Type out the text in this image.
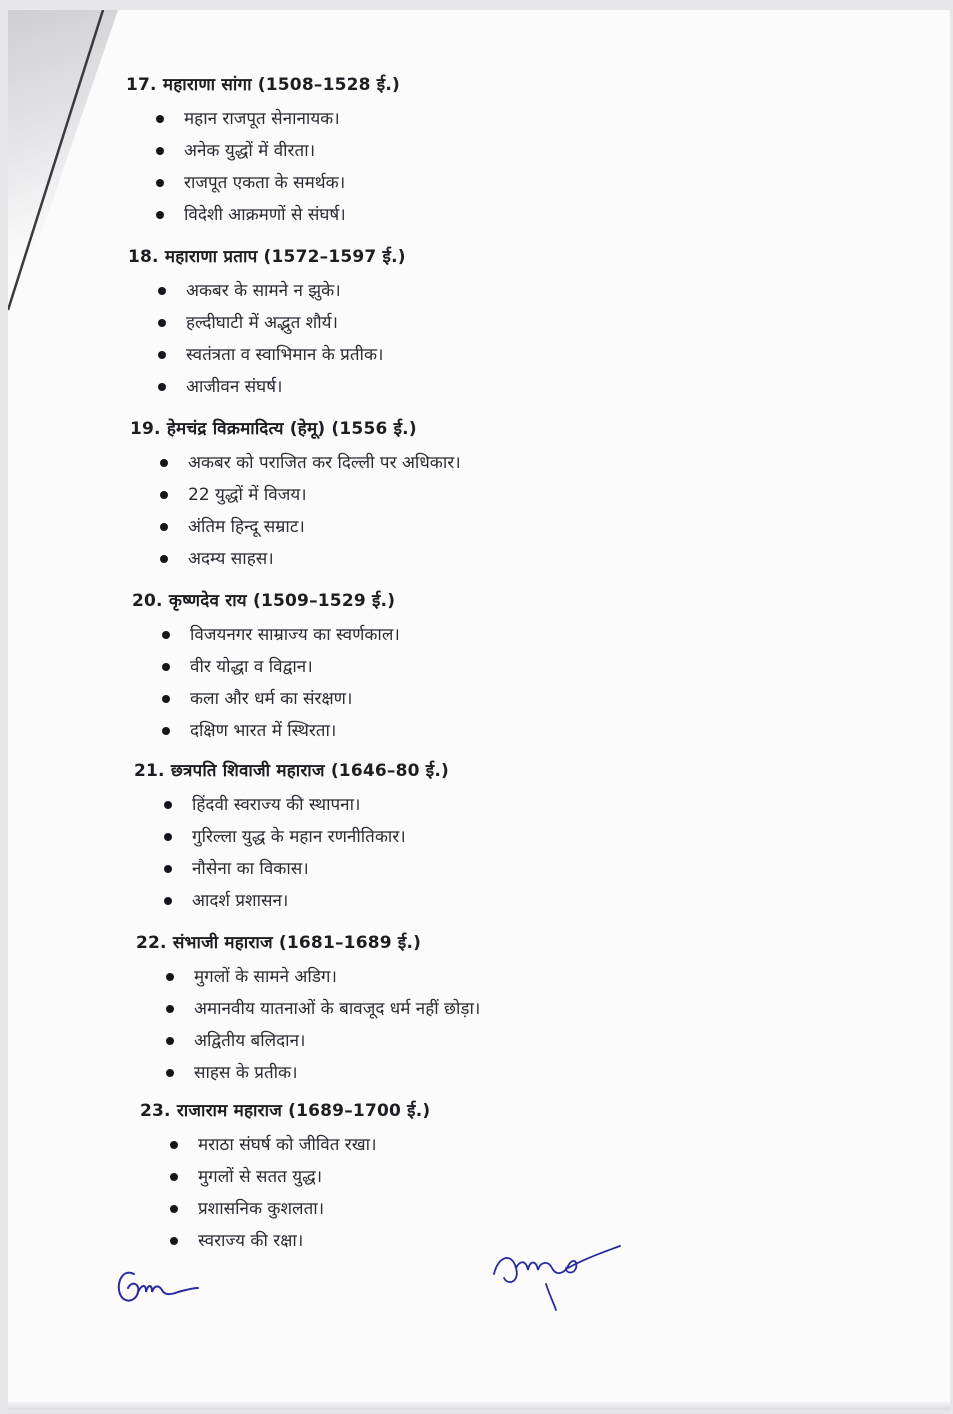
17. महाराणा सांगा (1508–1528 ई.)
महान राजपूत सेनानायक।
अनेक युद्धों में वीरता।
राजपूत एकता के समर्थक।
विदेशी आक्रमणों से संघर्ष।
18. महाराणा प्रताप (1572–1597 ई.)
अकबर के सामने न झुके।
हल्दीघाटी में अद्भुत शौर्य।
स्वतंत्रता व स्वाभिमान के प्रतीक।
आजीवन संघर्ष।
19. हेमचंद्र विक्रमादित्य (हेमू) (1556 ई.)
अकबर को पराजित कर दिल्ली पर अधिकार।
22 युद्धों में विजय।
अंतिम हिन्दू सम्राट।
अदम्य साहस।
20. कृष्णदेव राय (1509–1529 ई.)
विजयनगर साम्राज्य का स्वर्णकाल।
वीर योद्धा व विद्वान।
कला और धर्म का संरक्षण।
दक्षिण भारत में स्थिरता।
21. छत्रपति शिवाजी महाराज (1646–80 ई.)
हिंदवी स्वराज्य की स्थापना।
गुरिल्ला युद्ध के महान रणनीतिकार।
नौसेना का विकास।
आदर्श प्रशासन।
22. संभाजी महाराज (1681–1689 ई.)
मुगलों के सामने अडिग।
अमानवीय यातनाओं के बावजूद धर्म नहीं छोड़ा।
अद्वितीय बलिदान।
साहस के प्रतीक।
23. राजाराम महाराज (1689–1700 ई.)
मराठा संघर्ष को जीवित रखा।
मुगलों से सतत युद्ध।
प्रशासनिक कुशलता।
स्वराज्य की रक्षा।
